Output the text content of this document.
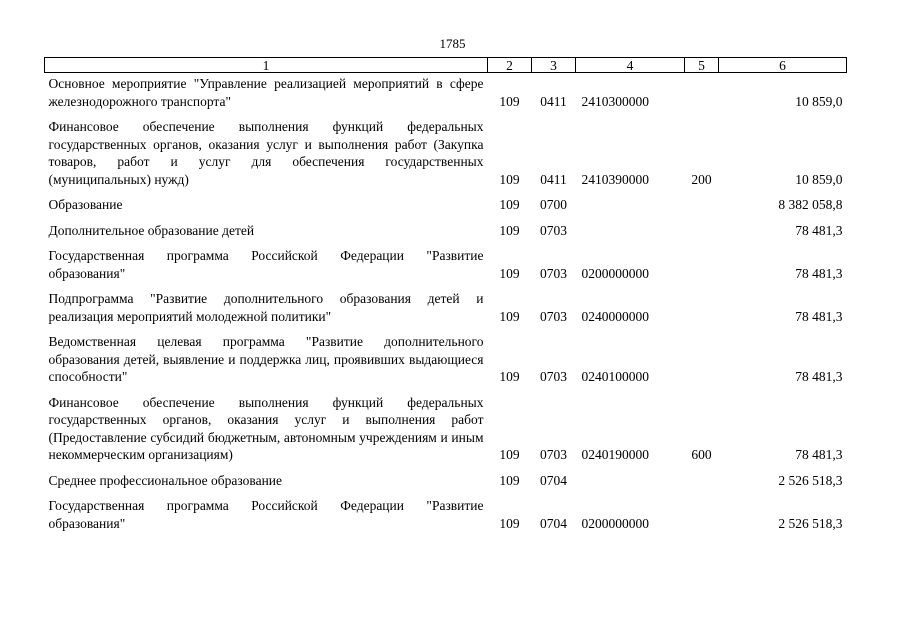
1785
1	2	3	4	5	6
Основное мероприятие "Управление реализацией мероприятий в сфере железнодорожного транспорта"	109	0411	2410300000		10 859,0
Финансовое обеспечение выполнения функций федеральных государственных органов, оказания услуг и выполнения работ (Закупка товаров, работ и услуг для обеспечения государственных (муниципальных) нужд)	109	0411	2410390000	200	10 859,0
Образование	109	0700			8 382 058,8
Дополнительное образование детей	109	0703			78 481,3
Государственная программа Российской Федерации "Развитие образования"	109	0703	0200000000		78 481,3
Подпрограмма "Развитие дополнительного образования детей и реализация мероприятий молодежной политики"	109	0703	0240000000		78 481,3
Ведомственная целевая программа "Развитие дополнительного образования детей, выявление и поддержка лиц, проявивших выдающиеся способности"	109	0703	0240100000		78 481,3
Финансовое обеспечение выполнения функций федеральных государственных органов, оказания услуг и выполнения работ (Предоставление субсидий бюджетным, автономным учреждениям и иным некоммерческим организациям)	109	0703	0240190000	600	78 481,3
Среднее профессиональное образование	109	0704			2 526 518,3
Государственная программа Российской Федерации "Развитие образования"	109	0704	0200000000		2 526 518,3
